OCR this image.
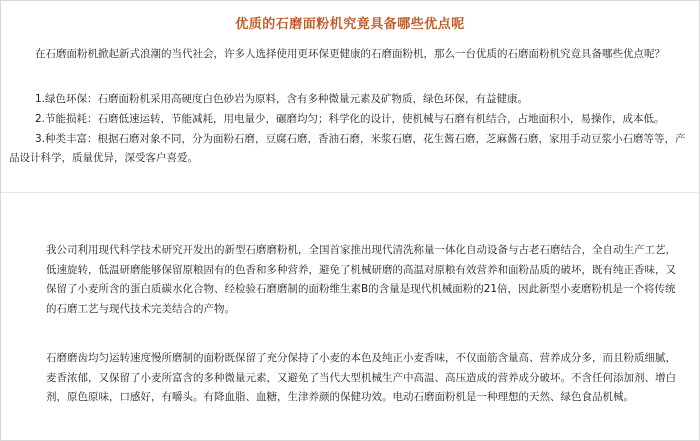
优质的石磨面粉机究竟具备哪些优点呢

在石磨面粉机掀起新式浪潮的当代社会，许多人选择使用更环保更健康的石磨面粉机，那么一台优质的石磨面粉机究竟具备哪些优点呢？

1.绿色环保：石磨面粉机采用高硬度白色砂岩为原料，含有多种微量元素及矿物质，绿色环保，有益健康。
2.节能损耗：石磨低速运转，节能减耗，用电量少，碾磨均匀；科学化的设计，使机械与石磨有机结合，占地面积小，易操作，成本低。
3.种类丰富：根据石磨对象不同，分为面粉石磨，豆腐石磨，香油石磨，米浆石磨，花生酱石磨，芝麻酱石磨，家用手动豆浆小石磨等等，产品设计科学，质量优异，深受客户喜爱。

我公司利用现代科学技术研究开发出的新型石磨磨粉机，全国首家推出现代清洗称量一体化自动设备与古老石磨结合，全自动生产工艺，低速旋转，低温研磨能够保留原粮固有的色香和多种营养，避免了机械研磨的高温对原粮有效营养和面粉品质的破坏，既有纯正香味，又保留了小麦所含的蛋白质碳水化合物、经检验石磨磨制的面粉维生素B的含量是现代机械面粉的21倍，因此新型小麦磨粉机是一个将传统的石磨工艺与现代技术完美结合的产物。

石磨磨齿均匀运转速度慢所磨制的面粉既保留了充分保持了小麦的本色及纯正小麦香味，不仅面筋含量高、营养成分多，而且粉质细腻，麦香浓郁，又保留了小麦所富含的多种微量元素，又避免了当代大型机械生产中高温、高压造成的营养成分破坏。不含任何添加剂、增白剂，原色原味，口感好，有嚼头。有降血脂、血糖，生津养颜的保健功效。电动石磨面粉机是一种理想的天然、绿色食品机械。
